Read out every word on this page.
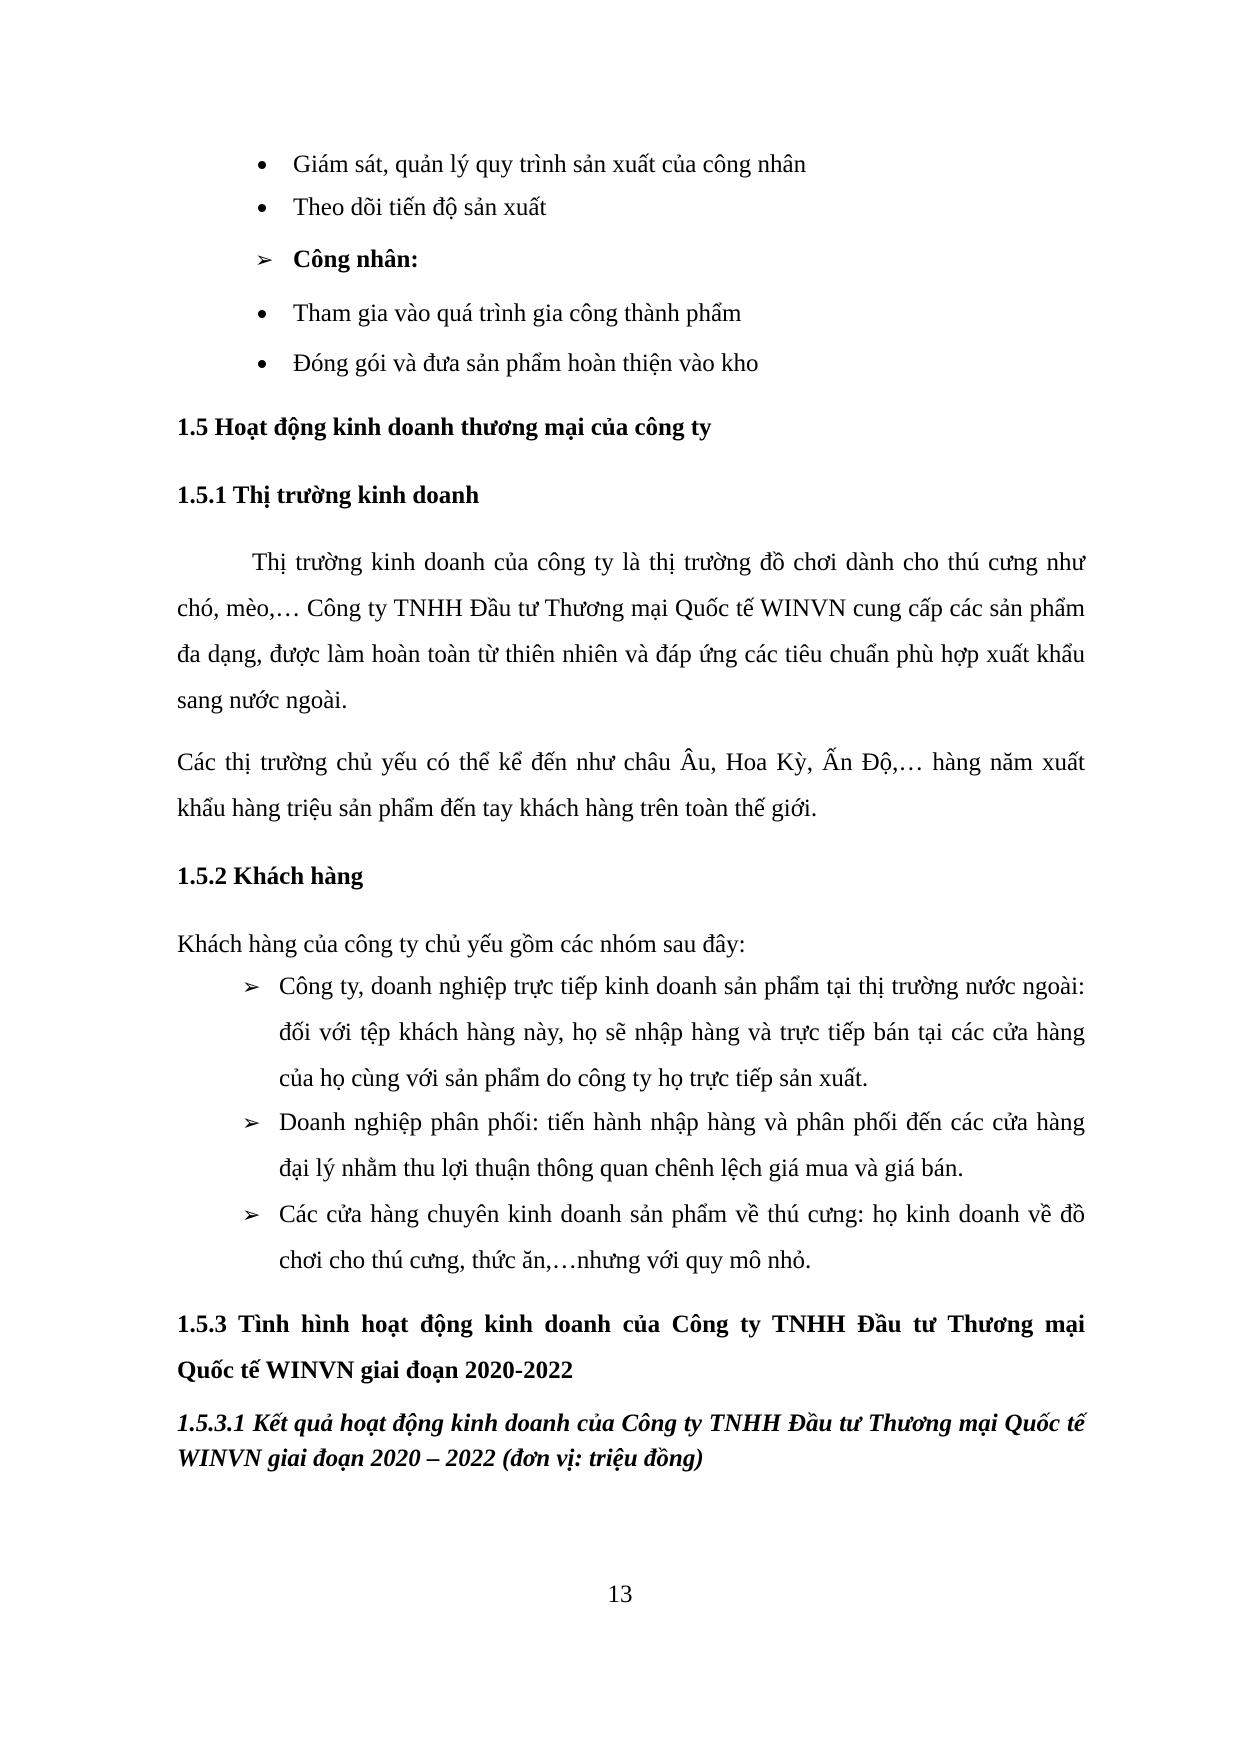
Giám sát, quản lý quy trình sản xuất của công nhân
Theo dõi tiến độ sản xuất
➢ Công nhân:
Tham gia vào quá trình gia công thành phẩm
Đóng gói và đưa sản phẩm hoàn thiện vào kho
1.5 Hoạt động kinh doanh thương mại của công ty
1.5.1 Thị trường kinh doanh
Thị trường kinh doanh của công ty là thị trường đồ chơi dành cho thú cưng như chó, mèo,… Công ty TNHH Đầu tư Thương mại Quốc tế WINVN cung cấp các sản phẩm đa dạng, được làm hoàn toàn từ thiên nhiên và đáp ứng các tiêu chuẩn phù hợp xuất khẩu sang nước ngoài.
Các thị trường chủ yếu có thể kể đến như châu Âu, Hoa Kỳ, Ấn Độ,… hàng năm xuất khẩu hàng triệu sản phẩm đến tay khách hàng trên toàn thế giới.
1.5.2 Khách hàng
Khách hàng của công ty chủ yếu gồm các nhóm sau đây:
➢ Công ty, doanh nghiệp trực tiếp kinh doanh sản phẩm tại thị trường nước ngoài: đối với tệp khách hàng này, họ sẽ nhập hàng và trực tiếp bán tại các cửa hàng của họ cùng với sản phẩm do công ty họ trực tiếp sản xuất.
➢ Doanh nghiệp phân phối: tiến hành nhập hàng và phân phối đến các cửa hàng đại lý nhằm thu lợi thuận thông quan chênh lệch giá mua và giá bán.
➢ Các cửa hàng chuyên kinh doanh sản phẩm về thú cưng: họ kinh doanh về đồ chơi cho thú cưng, thức ăn,…nhưng với quy mô nhỏ.
1.5.3 Tình hình hoạt động kinh doanh của Công ty TNHH Đầu tư Thương mại
Quốc tế WINVN giai đoạn 2020-2022
1.5.3.1 Kết quả hoạt động kinh doanh của Công ty TNHH Đầu tư Thương mại Quốc tế WINVN giai đoạn 2020 – 2022 (đơn vị: triệu đồng)
13
